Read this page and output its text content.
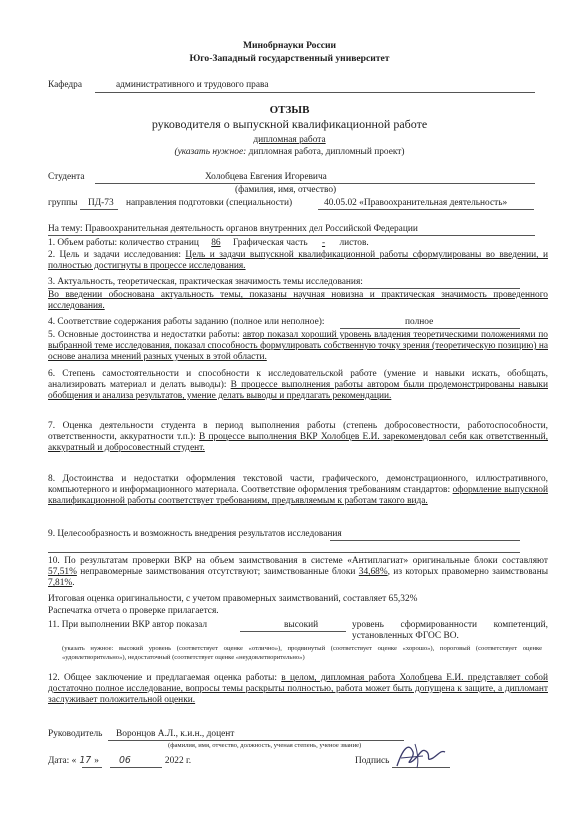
Минобрнауки России
Юго-Западный государственный университет
Кафедра	административного и трудового права
ОТЗЫВ
руководителя о выпускной квалификационной работе
дипломная работа
(указать нужное: дипломная работа, дипломный проект)
Студента	Холобцева Евгения Игоревича
(фамилия, имя, отчество)
группы ПД-73 направления подготовки (специальности)	40.05.02 «Правоохранительная деятельность»
На тему: Правоохранительная деятельность органов внутренних дел Российской Федерации
1. Объем работы: количество страниц 86 Графическая часть - листов.
2. Цель и задачи исследования: Цель и задачи выпускной квалификационной работы сформулированы во введении, и полностью достигнуты в процессе исследования.
3. Актуальность, теоретическая, практическая значимость темы исследования:
Во введении обоснована актуальность темы, показаны научная новизна и практическая значимость проведенного исследования.
4. Соответствие содержания работы заданию (полное или неполное):	полное
5. Основные достоинства и недостатки работы: автор показал хороший уровень владения теоретическими положениями по выбранной теме исследования, показал способность формулировать собственную точку зрения (теоретическую позицию) на основе анализа мнений разных ученых в этой области.
6. Степень самостоятельности и способности к исследовательской работе (умение и навыки искать, обобщать, анализировать материал и делать выводы): В процессе выполнения работы автором были продемонстрированы навыки обобщения и анализа результатов, умение делать выводы и предлагать рекомендации.
7. Оценка деятельности студента в период выполнения работы (степень добросовестности, работоспособности, ответственности, аккуратности т.п.): В процессе выполнения ВКР Холобцев Е.И. зарекомендовал себя как ответственный, аккуратный и добросовестный студент.
8. Достоинства и недостатки оформления текстовой части, графического, демонстрационного, иллюстративного, компьютерного и информационного материала. Соответствие оформления требованиям стандартов: оформление выпускной квалификационной работы соответствует требованиям, предъявляемым к работам такого вида.
9. Целесообразность и возможность внедрения результатов исследования
10. По результатам проверки ВКР на объем заимствования в системе «Антиплагиат» оригинальные блоки составляют 57,51% неправомерные заимствования отсутствуют; заимствованные блоки 34,68%, из которых правомерно заимствованы 7,81%.
Итоговая оценка оригинальности, с учетом правомерных заимствований, составляет 65,32%
Распечатка отчета о проверке прилагается.
11. При выполнении ВКР автор показал	высокий	уровень сформированности компетенций, установленных ФГОС ВО.
(указать нужное: высокий уровень (соответствует оценке «отлично»), продвинутый (соответствует оценке «хорошо»), пороговый (соответствует оценке «удовлетворительно»), недостаточный (соответствует оценке «неудовлетворительно»)
12. Общее заключение и предлагаемая оценка работы: в целом, дипломная работа Холобцева Е.И. представляет собой достаточно полное исследование, вопросы темы раскрыты полностью, работа может быть допущена к защите, а дипломант заслуживает положительной оценки.
Руководитель Воронцов А.Л., к.и.н., доцент
(фамилия, имя, отчество, должность, ученая степень, ученое звание)
Дата: « 17 » 06	2022 г.	Подпись
